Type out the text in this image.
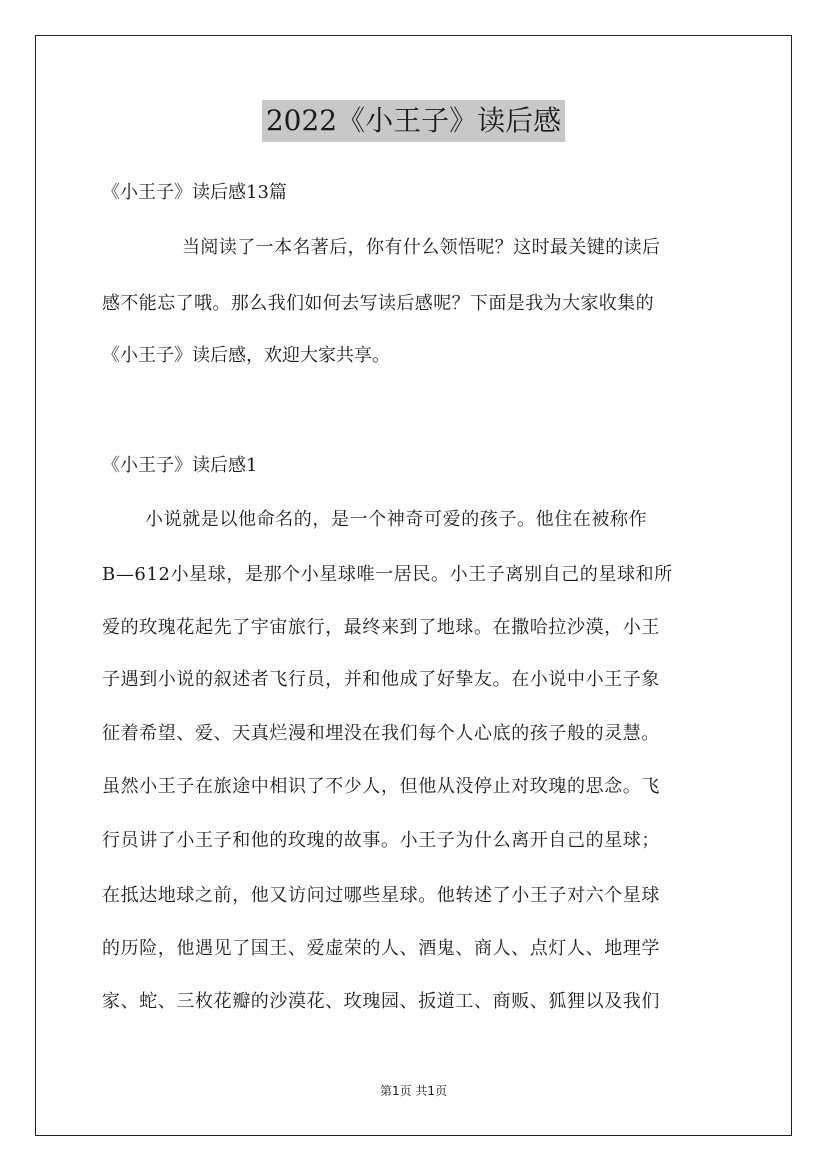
2022《小王子》读后感
《小王子》读后感13篇
当阅读了一本名著后，你有什么领悟呢？这时最关键的读后
感不能忘了哦。那么我们如何去写读后感呢？下面是我为大家收集的
《小王子》读后感，欢迎大家共享。
《小王子》读后感1
小说就是以他命名的，是一个神奇可爱的孩子。他住在被称作
B—612小星球，是那个小星球唯一居民。小王子离别自己的星球和所
爱的玫瑰花起先了宇宙旅行，最终来到了地球。在撒哈拉沙漠，小王
子遇到小说的叙述者飞行员，并和他成了好挚友。在小说中小王子象
征着希望、爱、天真烂漫和埋没在我们每个人心底的孩子般的灵慧。
虽然小王子在旅途中相识了不少人，但他从没停止对玫瑰的思念。飞
行员讲了小王子和他的玫瑰的故事。小王子为什么离开自己的星球；
在抵达地球之前，他又访问过哪些星球。他转述了小王子对六个星球
的历险，他遇见了国王、爱虚荣的人、酒鬼、商人、点灯人、地理学
家、蛇、三枚花瓣的沙漠花、玫瑰园、扳道工、商贩、狐狸以及我们
第1页 共1页
